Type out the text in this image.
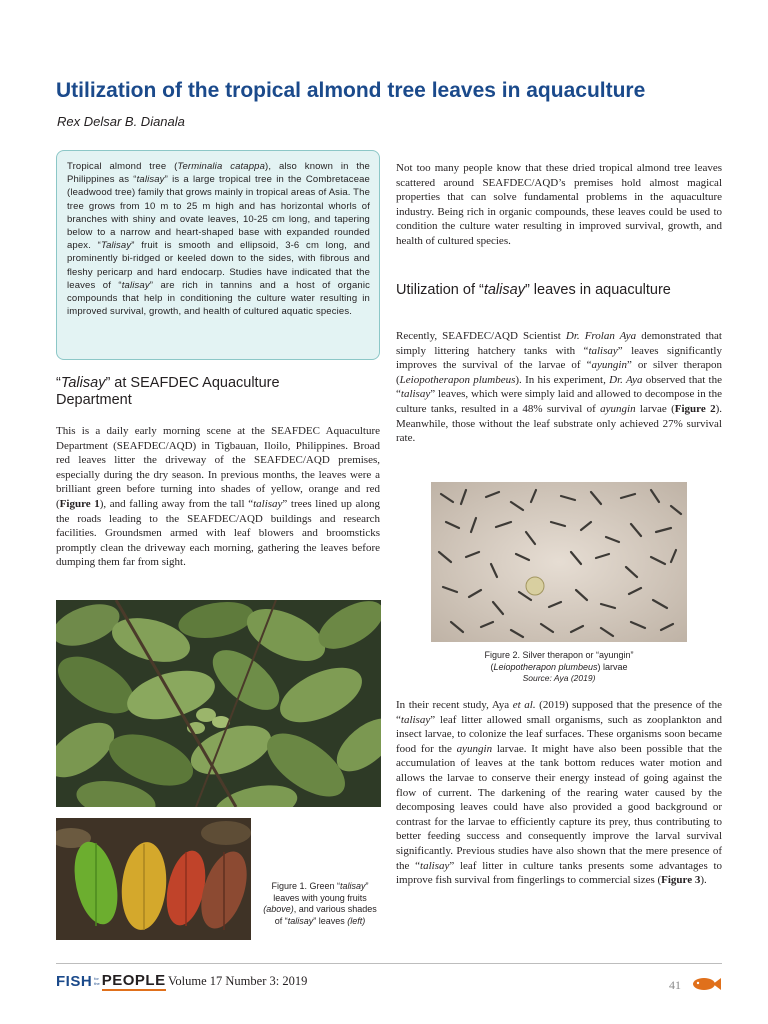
Utilization of the tropical almond tree leaves in aquaculture
Rex Delsar B. Dianala
Tropical almond tree (Terminalia catappa), also known in the Philippines as “talisay” is a large tropical tree in the Combretaceae (leadwood tree) family that grows mainly in tropical areas of Asia. The tree grows from 10 m to 25 m high and has horizontal whorls of branches with shiny and ovate leaves, 10-25 cm long, and tapering below to a narrow and heart-shaped base with expanded rounded apex. “Talisay” fruit is smooth and ellipsoid, 3-6 cm long, and prominently bi-ridged or keeled down to the sides, with fibrous and fleshy pericarp and hard endocarp. Studies have indicated that the leaves of “talisay” are rich in tannins and a host of organic compounds that help in conditioning the culture water resulting in improved survival, growth, and health of cultured aquatic species.
“Talisay” at SEAFDEC Aquaculture Department

This is a daily early morning scene at the SEAFDEC Aquaculture Department (SEAFDEC/AQD) in Tigbauan, Iloilo, Philippines. Broad red leaves litter the driveway of the SEAFDEC/AQD premises, especially during the dry season. In previous months, the leaves were a brilliant green before turning into shades of yellow, orange and red (Figure 1), and falling away from the tall “talisay” trees lined up along the roads leading to the SEAFDEC/AQD buildings and research facilities. Groundsmen armed with leaf blowers and broomsticks promptly clean the driveway each morning, gathering the leaves before dumping them far from sight.

Figure 1. Green “talisay” leaves with young fruits (above), and various shades of “talisay” leaves (left)

Not too many people know that these dried tropical almond tree leaves scattered around SEAFDEC/AQD’s premises hold almost magical properties that can solve fundamental problems in the aquaculture industry. Being rich in organic compounds, these leaves could be used to condition the culture water resulting in improved survival, growth, and health of cultured species.

Utilization of “talisay” leaves in aquaculture

Recently, SEAFDEC/AQD Scientist Dr. Frolan Aya demonstrated that simply littering hatchery tanks with “talisay” leaves significantly improves the survival of the larvae of “ayungin” or silver therapon (Leiopotherapon plumbeus). In his experiment, Dr. Aya observed that the “talisay” leaves, which were simply laid and allowed to decompose in the culture tanks, resulted in a 48% survival of ayungin larvae (Figure 2). Meanwhile, those without the leaf substrate only achieved 27% survival rate.

Figure 2. Silver therapon or “ayungin”
(Leiopotherapon plumbeus) larvae
Source: Aya (2019)

In their recent study, Aya et al. (2019) supposed that the presence of the “talisay” leaf litter allowed small organisms, such as zooplankton and insect larvae, to colonize the leaf surfaces. These organisms soon became food for the ayungin larvae. It might have also been possible that the accumulation of leaves at the tank bottom reduces water motion and allows the larvae to conserve their energy instead of going against the flow of current. The darkening of the rearing water caused by the decomposing leaves could have also provided a good background or contrast for the larvae to efficiently capture its prey, thus contributing to better feeding success and consequently improve the larval survival significantly. Previous studies have also shown that the mere presence of the “talisay” leaf litter in culture tanks presents some advantages to improve fish survival from fingerlings to commercial sizes (Figure 3).

FISH for
the PEOPLE Volume 17 Number 3: 2019	41
